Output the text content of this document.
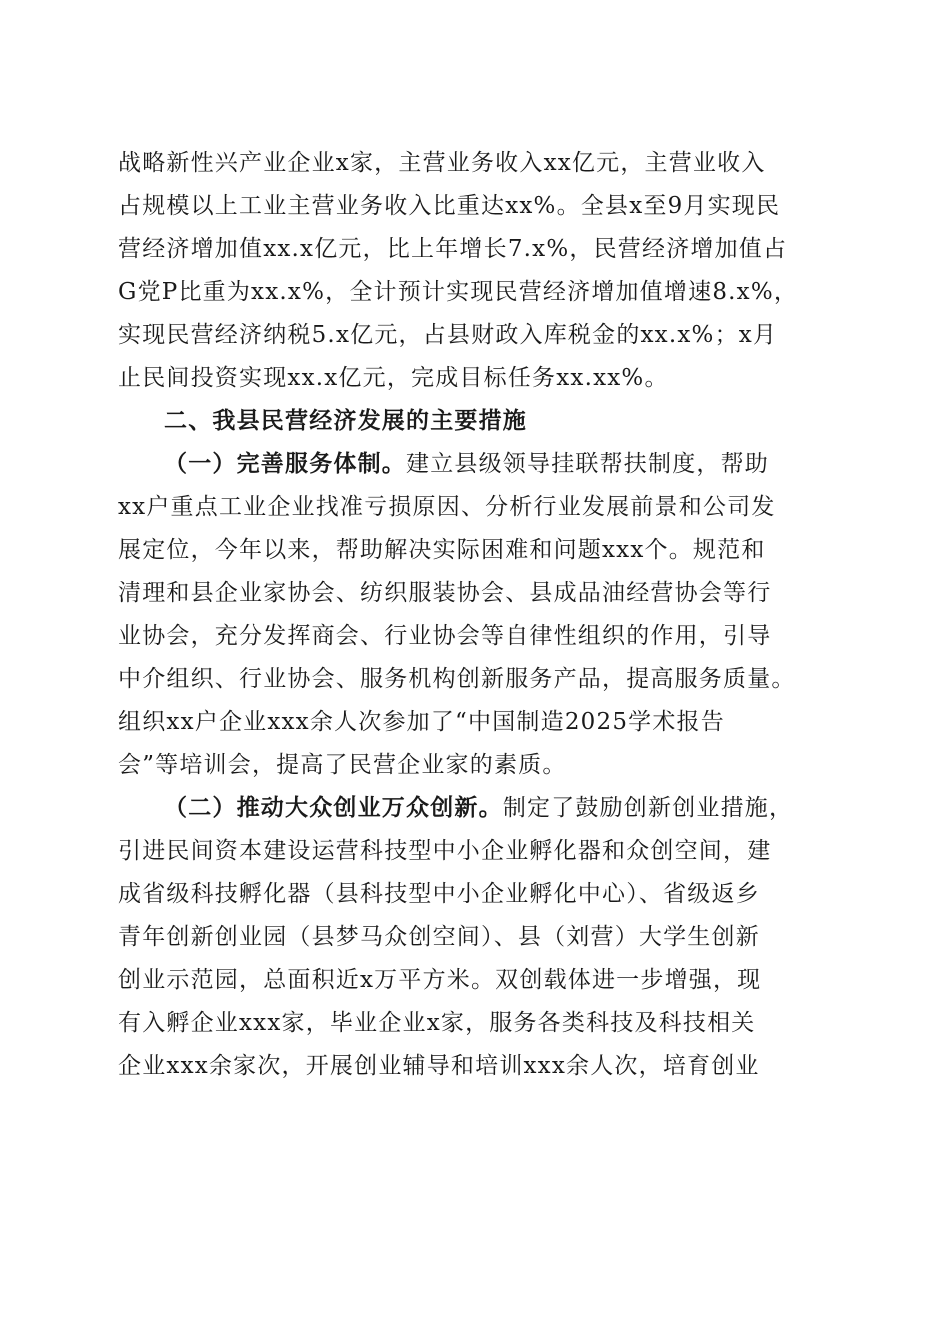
战略新性兴产业企业x家，主营业务收入xx亿元，主营业收入
占规模以上工业主营业务收入比重达xx%。全县x至9月实现民
营经济增加值xx.x亿元，比上年增长7.x%，民营经济增加值占
G党P比重为xx.x%，全计预计实现民营经济增加值增速8.x%，
实现民营经济纳税5.x亿元，占县财政入库税金的xx.x%；x月
止民间投资实现xx.x亿元，完成目标任务xx.xx%。
二、我县民营经济发展的主要措施
（一）完善服务体制。建立县级领导挂联帮扶制度，帮助
xx户重点工业企业找准亏损原因、分析行业发展前景和公司发
展定位，今年以来，帮助解决实际困难和问题xxx个。规范和
清理和县企业家协会、纺织服装协会、县成品油经营协会等行
业协会，充分发挥商会、行业协会等自律性组织的作用，引导
中介组织、行业协会、服务机构创新服务产品，提高服务质量。
组织xx户企业xxx余人次参加了“中国制造2025学术报告
会”等培训会，提高了民营企业家的素质。
（二）推动大众创业万众创新。制定了鼓励创新创业措施，
引进民间资本建设运营科技型中小企业孵化器和众创空间，建
成省级科技孵化器（县科技型中小企业孵化中心）、省级返乡
青年创新创业园（县梦马众创空间）、县（刘营）大学生创新
创业示范园，总面积近x万平方米。双创载体进一步增强，现
有入孵企业xxx家，毕业企业x家，服务各类科技及科技相关
企业xxx余家次，开展创业辅导和培训xxx余人次，培育创业
